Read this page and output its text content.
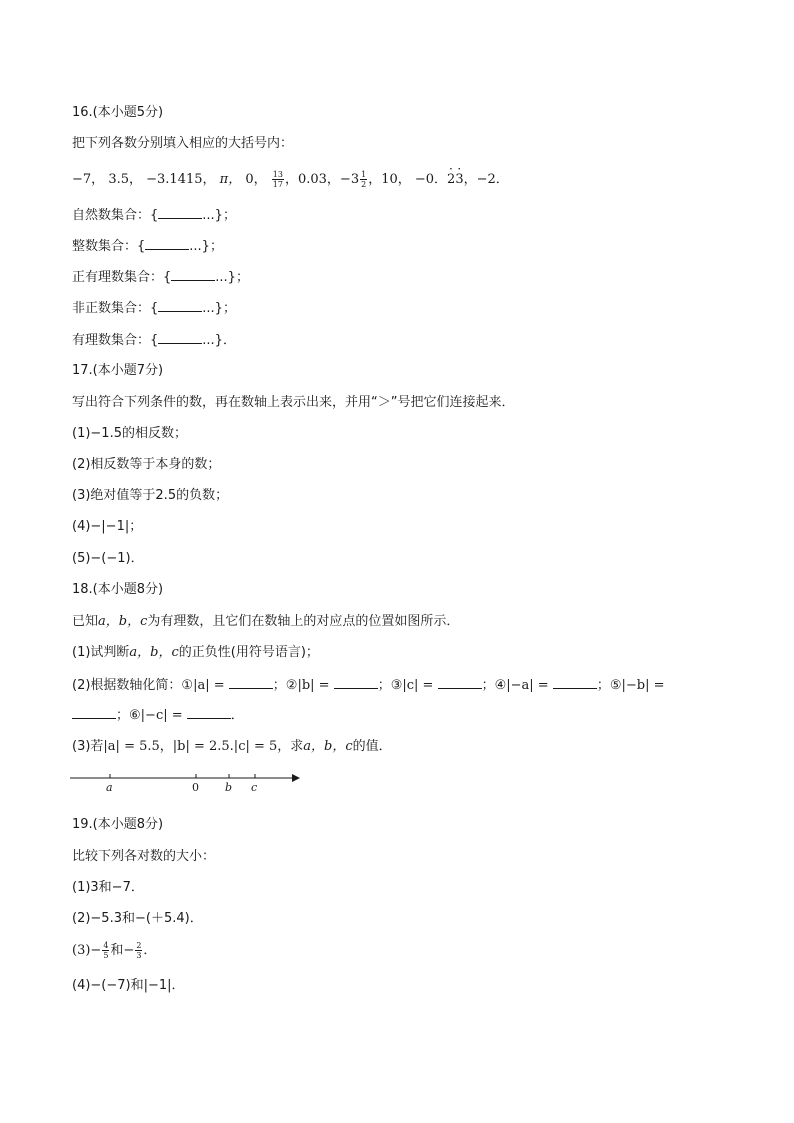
16.(本小题5分)
把下列各数分别填入相应的大括号内：
−7， 3.5， −3.1415， π， 0， $\frac{13}{17}$ ，0.03，$-3 \frac{1}{2}$ ，10， −0．· 2· 3，−2．
自然数集合：{	...}；
整数集合：{	...}；
正有理数集合：{	...}；
非正数集合：{	...}；
有理数集合：{	...}．
17.(本小题7分)
写出符合下列条件的数，再在数轴上表示出来，并用“＞”号把它们连接起来．
(1)−1.5的相反数；
(2)相反数等于本身的数；
(3)绝对值等于2.5的负数；
(4)−|−1|；
(5)−(−1)．
18.(本小题8分)
已知a，b，c为有理数，且它们在数轴上的对应点的位置如图所示．
(1)试判断a，b，c的正负性(用符号语言)；
(2)根据数轴化简：①|a| =	；②|b| =	；③|c| =	；④|−a| =	；⑤|−b| =
；⑥|−c| =	．
(3)若|a| = 5.5，|b| = 2.5.|c| = 5，求a，b，c的值．
a	0 b c
19.(本小题8分)
比较下列各对数的大小：
(1)3和−7．
(2)−5.3和−(＋5.4)．
$(3)- \frac{4}{5}$ 和− $\frac{2}{3}$ ．
(4)−(−7)和|−1|．
